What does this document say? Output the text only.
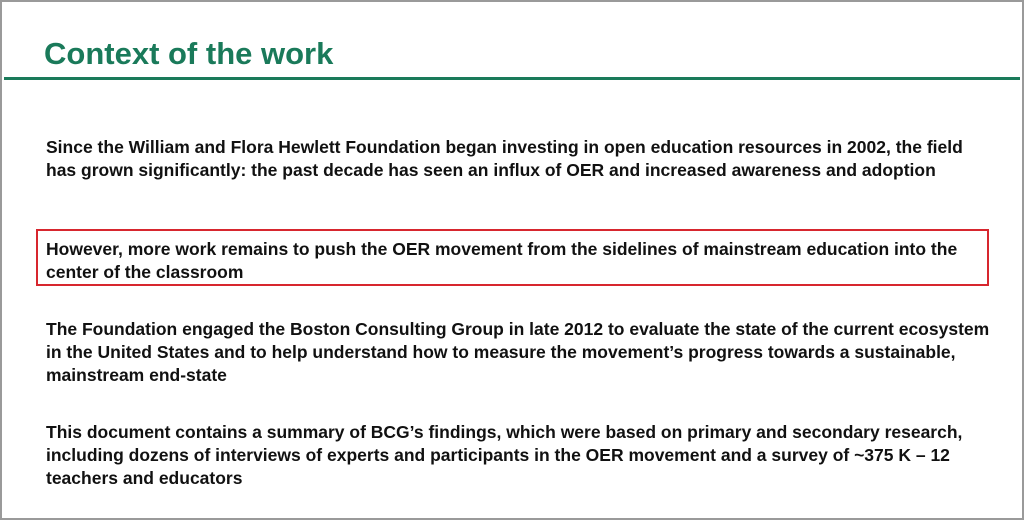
Context of the work

Since the William and Flora Hewlett Foundation began investing in open education resources in 2002, the field has grown significantly: the past decade has seen an influx of OER and increased awareness and adoption

However, more work remains to push the OER movement from the sidelines of mainstream education into the center of the classroom

The Foundation engaged the Boston Consulting Group in late 2012 to evaluate the state of the current ecosystem in the United States and to help understand how to measure the movement’s progress towards a sustainable, mainstream end-state

This document contains a summary of BCG’s findings, which were based on primary and secondary research, including dozens of interviews of experts and participants in the OER movement and a survey of ~375 K – 12 teachers and educators
